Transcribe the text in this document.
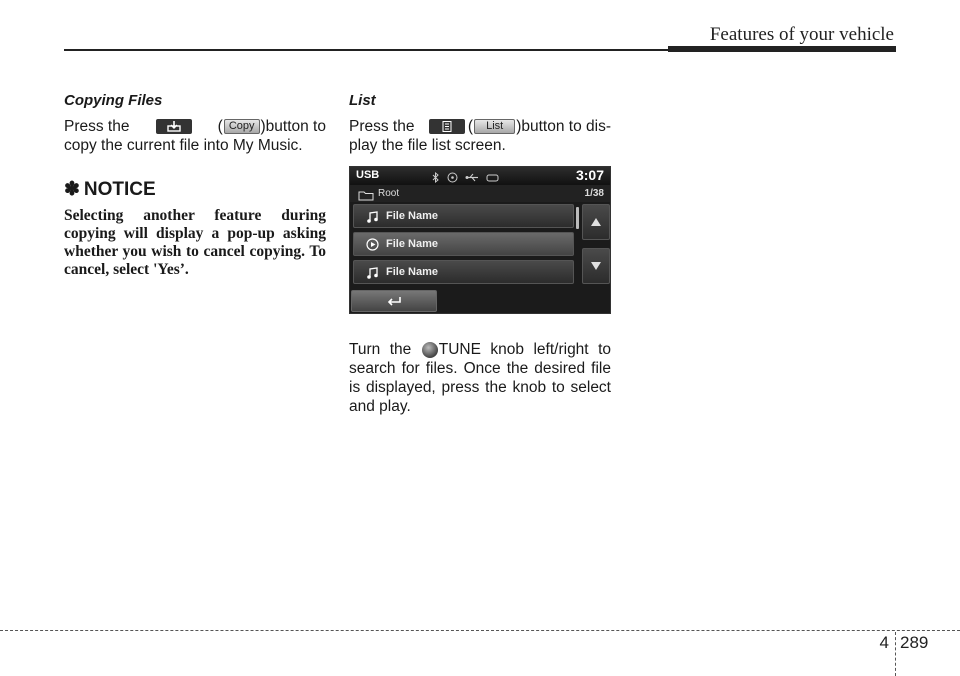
Features of your vehicle
Copying Files
Press the	( Copy )button to
copy the current file into My Music.
✽ NOTICE
Selecting another feature during copying will display a pop-up asking whether you wish to cancel copying. To cancel, select 'Yes’.
List
Press the	(	List )button to dis-
play the file list screen.
USB	3:07
Root	1/38
File Name
File Name
File Name
Turn the TUNE knob left/right to search for files. Once the desired file is displayed, press the knob to select and play.
4 289
